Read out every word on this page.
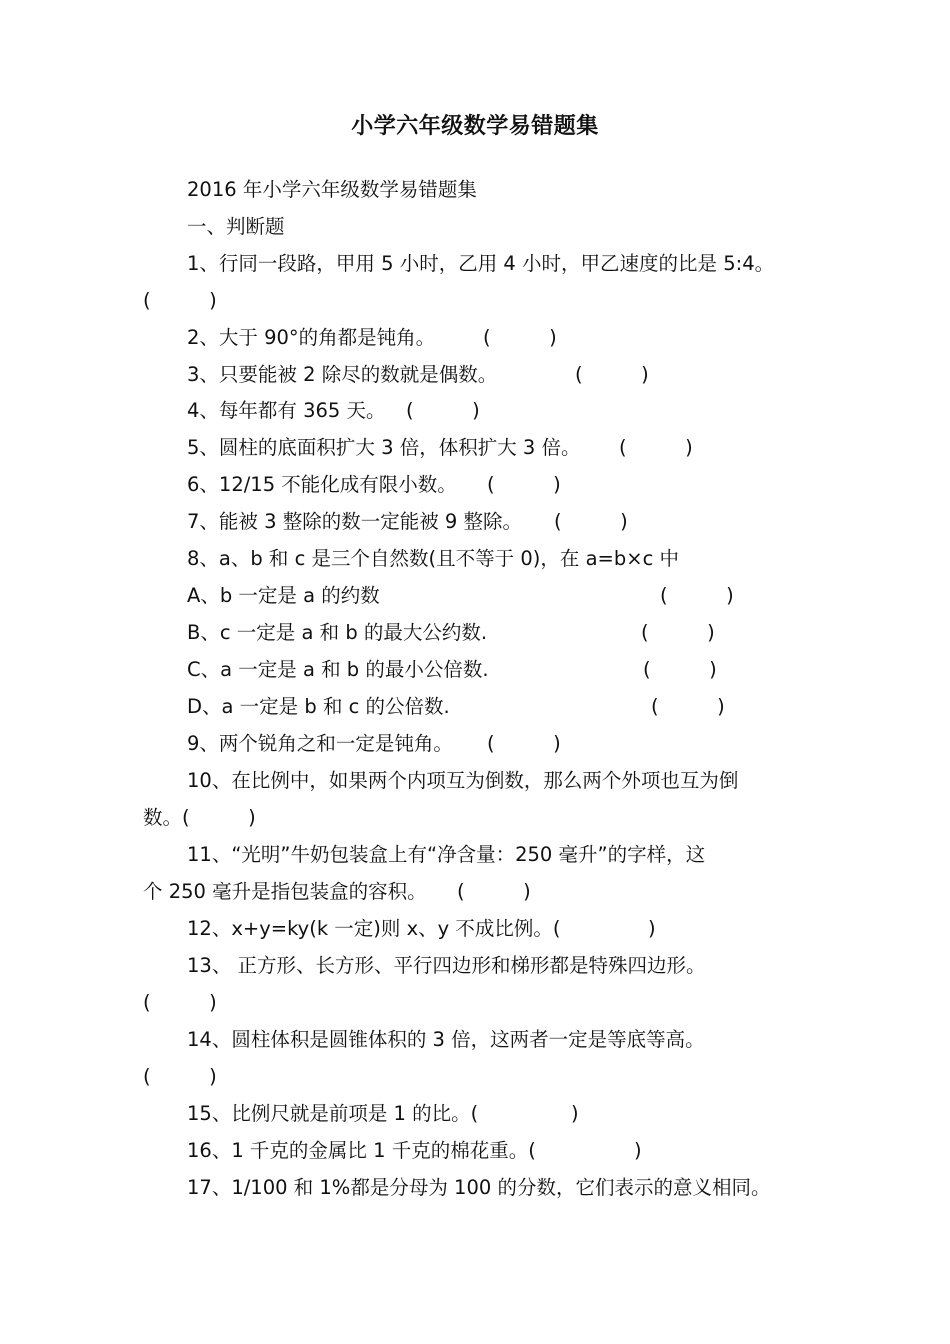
小学六年级数学易错题集
2016 年小学六年级数学易错题集
一、判断题
1、行同一段路，甲用 5 小时，乙用 4 小时，甲乙速度的比是 5:4。
(　　　)
2、大于 90°的角都是钝角。 (　　　)
3、只要能被 2 除尽的数就是偶数。	(　　　)
4、每年都有 365 天。 (　　　)
5、圆柱的底面积扩大 3 倍，体积扩大 3 倍。 (　　　)
6、12/15 不能化成有限小数。 (　　　)
7、能被 3 整除的数一定能被 9 整除。 (　　　)
8、a、b 和 c 是三个自然数(且不等于 0)，在 a=b×c 中
A、b 一定是 a 的约数	(　　　)
B、c 一定是 a 和 b 的最大公约数.	(　　　)
C、a 一定是 a 和 b 的最小公倍数.	(　　　)
D、a 一定是 b 和 c 的公倍数.	(　　　)
9、两个锐角之和一定是钝角。 (　　　)
10、在比例中，如果两个内项互为倒数，那么两个外项也互为倒
数。(　　　)
11、“光明”牛奶包装盒上有“净含量：250 毫升”的字样，这
个 250 毫升是指包装盒的容积。 (　　　)
12、x+y=ky(k 一定)则 x、y 不成比例。(	)
13、 正方形、长方形、平行四边形和梯形都是特殊四边形。
(　　　)
14、圆柱体积是圆锥体积的 3 倍，这两者一定是等底等高。
(　　　)
15、比例尺就是前项是 1 的比。(	)
16、1 千克的金属比 1 千克的棉花重。(	)
17、1/100 和 1%都是分母为 100 的分数，它们表示的意义相同。
